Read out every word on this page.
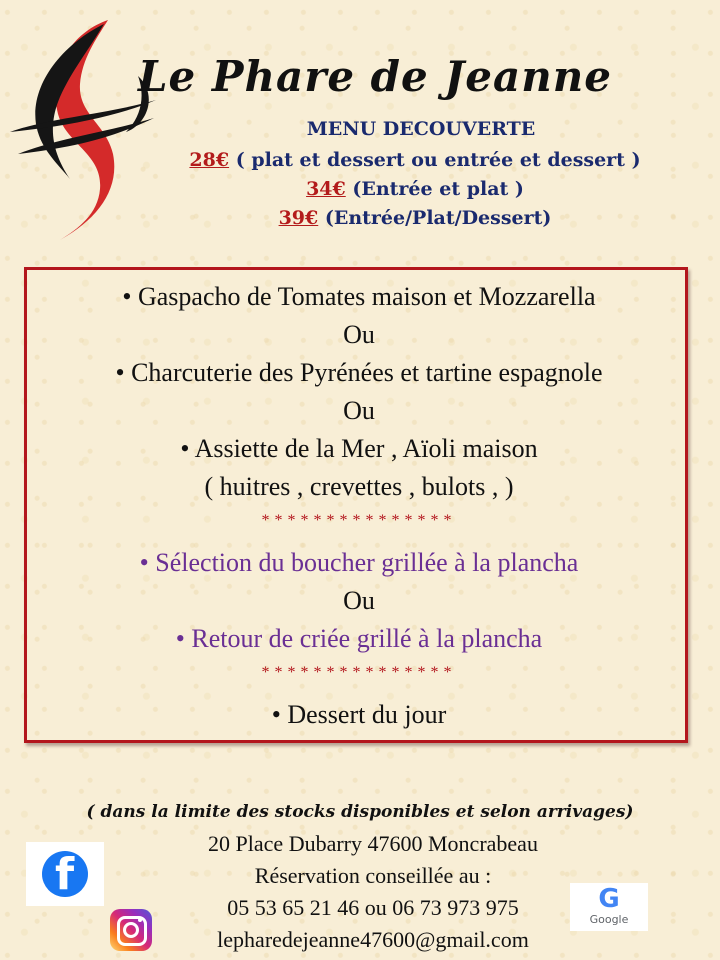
Le Phare de Jeanne
MENU DECOUVERTE
28€ ( plat et dessert ou entrée et dessert )
34€ (Entrée et plat )
39€ (Entrée/Plat/Dessert)
• Gaspacho de Tomates maison et Mozzarella
Ou
• Charcuterie des Pyrénées et tartine espagnole
Ou
• Assiette de la Mer , Aïoli maison
( huitres , crevettes , bulots , )
***************
• Sélection du boucher grillée à la plancha
Ou
• Retour de criée grillé à la plancha
***************
• Dessert du jour
( dans la limite des stocks disponibles et selon arrivages)
20 Place Dubarry 47600 Moncrabeau
Réservation conseillée au :
05 53 65 21 46 ou 06 73 973 975
lepharedejeanne47600@gmail.com
f	G
Google
